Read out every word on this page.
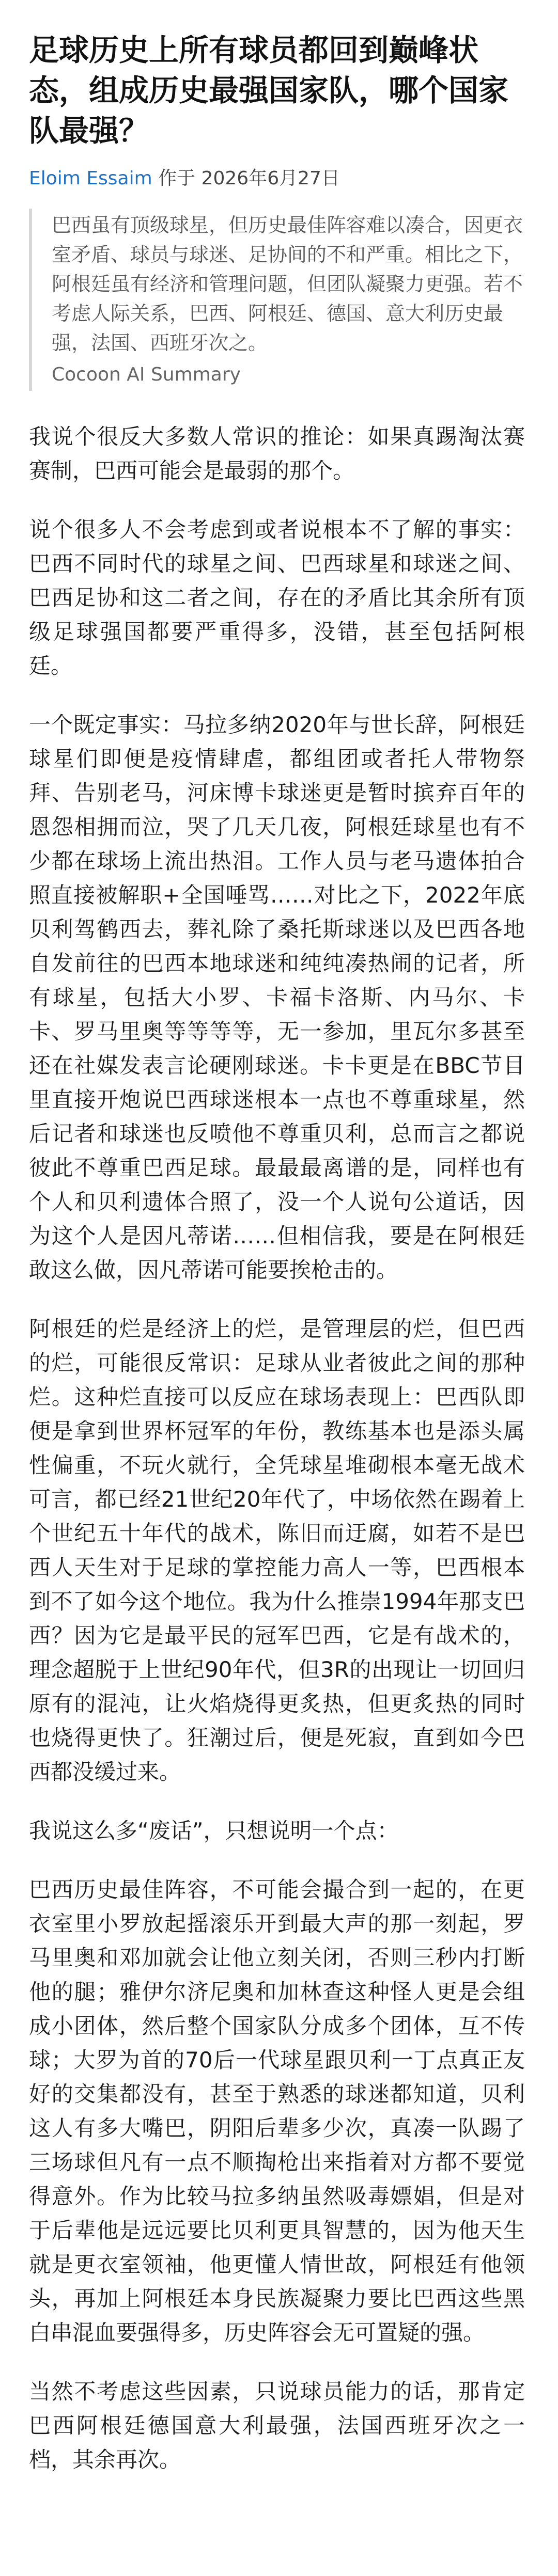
足球历史上所有球员都回到巅峰状态，组成历史最强国家队，哪个国家队最强？
Eloim Essaim 作于 2026年6月27日

巴西虽有顶级球星，但历史最佳阵容难以凑合，因更衣室矛盾、球员与球迷、足协间的不和严重。相比之下，阿根廷虽有经济和管理问题，但团队凝聚力更强。若不考虑人际关系，巴西、阿根廷、德国、意大利历史最强，法国、西班牙次之。

Cocoon AI Summary

我说个很反大多数人常识的推论：如果真踢淘汰赛赛制，巴西可能会是最弱的那个。

说个很多人不会考虑到或者说根本不了解的事实：巴西不同时代的球星之间、巴西球星和球迷之间、巴西足协和这二者之间，存在的矛盾比其余所有顶级足球强国都要严重得多，没错，甚至包括阿根廷。

一个既定事实：马拉多纳2020年与世长辞，阿根廷球星们即便是疫情肆虐，都组团或者托人带物祭拜、告别老马，河床博卡球迷更是暂时摈弃百年的恩怨相拥而泣，哭了几天几夜，阿根廷球星也有不少都在球场上流出热泪。工作人员与老马遗体拍合照直接被解职+全国唾骂……对比之下，2022年底贝利驾鹤西去，葬礼除了桑托斯球迷以及巴西各地自发前往的巴西本地球迷和纯纯凑热闹的记者，所有球星，包括大小罗、卡福卡洛斯、内马尔、卡卡、罗马里奥等等等等，无一参加，里瓦尔多甚至还在社媒发表言论硬刚球迷。卡卡更是在BBC节目里直接开炮说巴西球迷根本一点也不尊重球星，然后记者和球迷也反喷他不尊重贝利，总而言之都说彼此不尊重巴西足球。最最最离谱的是，同样也有个人和贝利遗体合照了，没一个人说句公道话，因为这个人是因凡蒂诺……但相信我，要是在阿根廷敢这么做，因凡蒂诺可能要挨枪击的。

阿根廷的烂是经济上的烂，是管理层的烂，但巴西的烂，可能很反常识：足球从业者彼此之间的那种烂。这种烂直接可以反应在球场表现上：巴西队即便是拿到世界杯冠军的年份，教练基本也是添头属性偏重，不玩火就行，全凭球星堆砌根本毫无战术可言，都已经21世纪20年代了，中场依然在踢着上个世纪五十年代的战术，陈旧而迂腐，如若不是巴西人天生对于足球的掌控能力高人一等，巴西根本到不了如今这个地位。我为什么推崇1994年那支巴西？因为它是最平民的冠军巴西，它是有战术的，理念超脱于上世纪90年代，但3R的出现让一切回归原有的混沌，让火焰烧得更炙热，但更炙热的同时也烧得更快了。狂潮过后，便是死寂，直到如今巴西都没缓过来。

我说这么多“废话”，只想说明一个点：

巴西历史最佳阵容，不可能会撮合到一起的，在更衣室里小罗放起摇滚乐开到最大声的那一刻起，罗马里奥和邓加就会让他立刻关闭，否则三秒内打断他的腿；雅伊尔济尼奥和加林查这种怪人更是会组成小团体，然后整个国家队分成多个团体，互不传球；大罗为首的70后一代球星跟贝利一丁点真正友好的交集都没有，甚至于熟悉的球迷都知道，贝利这人有多大嘴巴，阴阳后辈多少次，真凑一队踢了三场球但凡有一点不顺掏枪出来指着对方都不要觉得意外。作为比较马拉多纳虽然吸毒嫖娼，但是对于后辈他是远远要比贝利更具智慧的，因为他天生就是更衣室领袖，他更懂人情世故，阿根廷有他领头，再加上阿根廷本身民族凝聚力要比巴西这些黑白串混血要强得多，历史阵容会无可置疑的强。

当然不考虑这些因素，只说球员能力的话，那肯定巴西阿根廷德国意大利最强，法国西班牙次之一档，其余再次。
